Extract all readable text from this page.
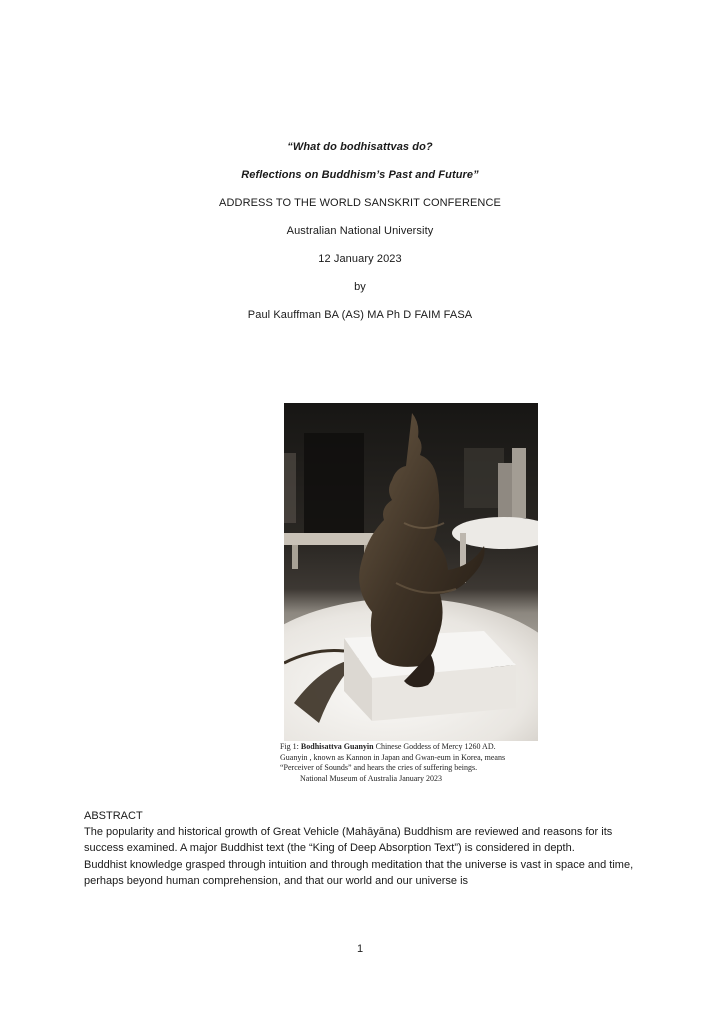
“What do bodhisattvas do?
Reflections on Buddhism’s Past and Future”
ADDRESS TO THE WORLD SANSKRIT CONFERENCE
Australian National University
12 January 2023
by
Paul Kauffman BA (AS) MA Ph D FAIM FASA
Fig 1: Bodhisattva Guanyin Chinese Goddess of Mercy 1260 AD.
Guanyin , known as Kannon in Japan and Gwan-eum in Korea, means
“Perceiver of Sounds” and hears the cries of suffering beings.

National Museum of Australia January 2023

ABSTRACT

The popularity and historical growth of Great Vehicle (Mahāyāna) Buddhism are reviewed and reasons for its success examined. A major Buddhist text (the “King of Deep Absorption Text”) is considered in depth.

Buddhist knowledge grasped through intuition and through meditation that the universe is vast in space and time, perhaps beyond human comprehension, and that our world and our universe is

1
